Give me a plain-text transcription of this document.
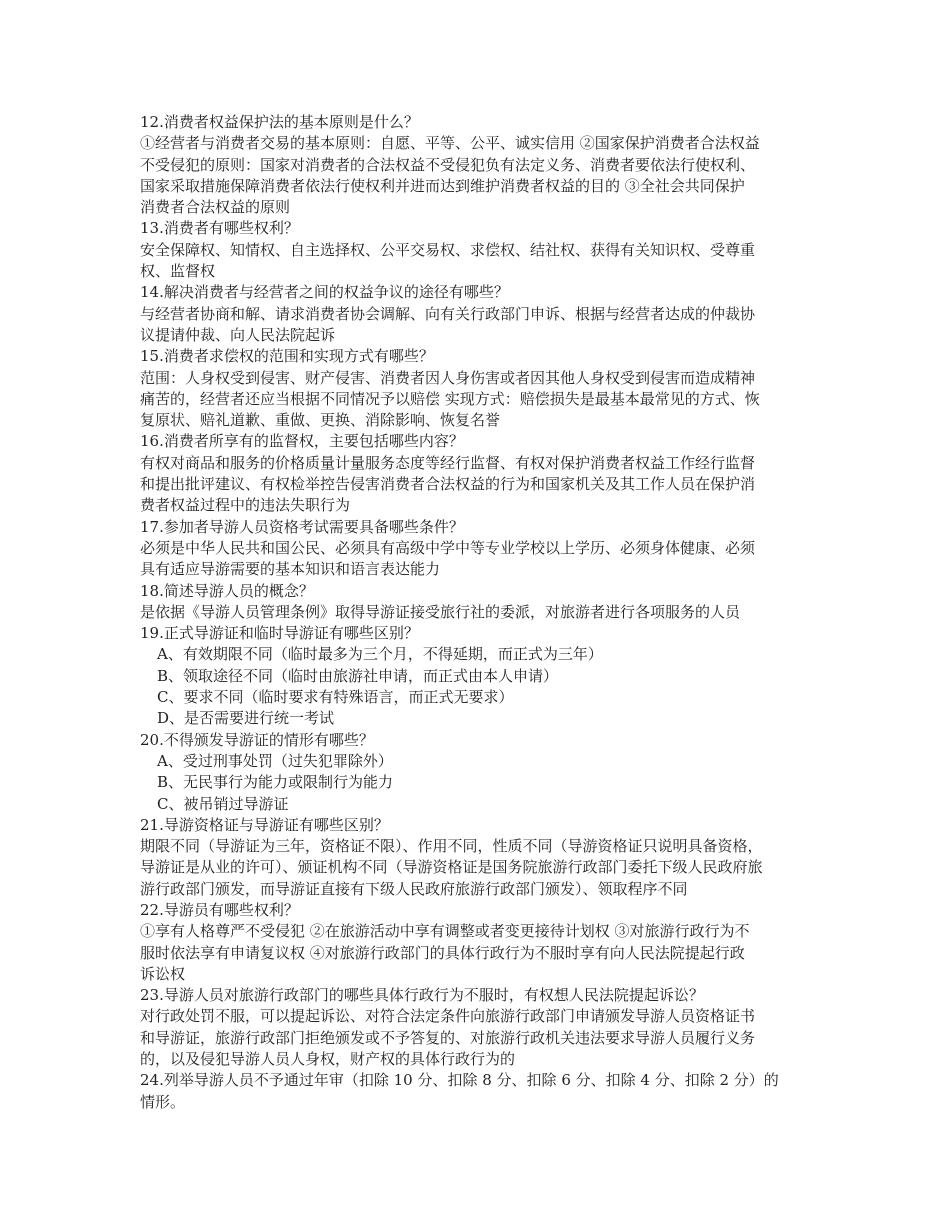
12.消费者权益保护法的基本原则是什么？
①经营者与消费者交易的基本原则：自愿、平等、公平、诚实信用 ②国家保护消费者合法权益
不受侵犯的原则：国家对消费者的合法权益不受侵犯负有法定义务、消费者要依法行使权利、
国家采取措施保障消费者依法行使权利并进而达到维护消费者权益的目的 ③全社会共同保护
消费者合法权益的原则
13.消费者有哪些权利？
安全保障权、知情权、自主选择权、公平交易权、求偿权、结社权、获得有关知识权、受尊重
权、监督权
14.解决消费者与经营者之间的权益争议的途径有哪些？
与经营者协商和解、请求消费者协会调解、向有关行政部门申诉、根据与经营者达成的仲裁协
议提请仲裁、向人民法院起诉
15.消费者求偿权的范围和实现方式有哪些？
范围：人身权受到侵害、财产侵害、消费者因人身伤害或者因其他人身权受到侵害而造成精神
痛苦的，经营者还应当根据不同情况予以赔偿 实现方式：赔偿损失是最基本最常见的方式、恢
复原状、赔礼道歉、重做、更换、消除影响、恢复名誉
16.消费者所享有的监督权，主要包括哪些内容？
有权对商品和服务的价格质量计量服务态度等经行监督、有权对保护消费者权益工作经行监督
和提出批评建议、有权检举控告侵害消费者合法权益的行为和国家机关及其工作人员在保护消
费者权益过程中的违法失职行为
17.参加者导游人员资格考试需要具备哪些条件？
必须是中华人民共和国公民、必须具有高级中学中等专业学校以上学历、必须身体健康、必须
具有适应导游需要的基本知识和语言表达能力
18.简述导游人员的概念？
是依据《导游人员管理条例》取得导游证接受旅行社的委派，对旅游者进行各项服务的人员
19.正式导游证和临时导游证有哪些区别？
A、有效期限不同（临时最多为三个月，不得延期，而正式为三年）
B、领取途径不同（临时由旅游社申请，而正式由本人申请）
C、要求不同（临时要求有特殊语言，而正式无要求）
D、是否需要进行统一考试
20.不得颁发导游证的情形有哪些？
A、受过刑事处罚（过失犯罪除外）
B、无民事行为能力或限制行为能力
C、被吊销过导游证
21.导游资格证与导游证有哪些区别？
期限不同（导游证为三年，资格证不限）、作用不同，性质不同（导游资格证只说明具备资格，
导游证是从业的许可）、颁证机构不同（导游资格证是国务院旅游行政部门委托下级人民政府旅
游行政部门颁发，而导游证直接有下级人民政府旅游行政部门颁发）、领取程序不同
22.导游员有哪些权利？
①享有人格尊严不受侵犯 ②在旅游活动中享有调整或者变更接待计划权 ③对旅游行政行为不
服时依法享有申请复议权 ④对旅游行政部门的具体行政行为不服时享有向人民法院提起行政
诉讼权
23.导游人员对旅游行政部门的哪些具体行政行为不服时，有权想人民法院提起诉讼？
对行政处罚不服，可以提起诉讼、对符合法定条件向旅游行政部门申请颁发导游人员资格证书
和导游证，旅游行政部门拒绝颁发或不予答复的、对旅游行政机关违法要求导游人员履行义务
的，以及侵犯导游人员人身权，财产权的具体行政行为的
24.列举导游人员不予通过年审（扣除 10 分、扣除 8 分、扣除 6 分、扣除 4 分、扣除 2 分）的
情形。
